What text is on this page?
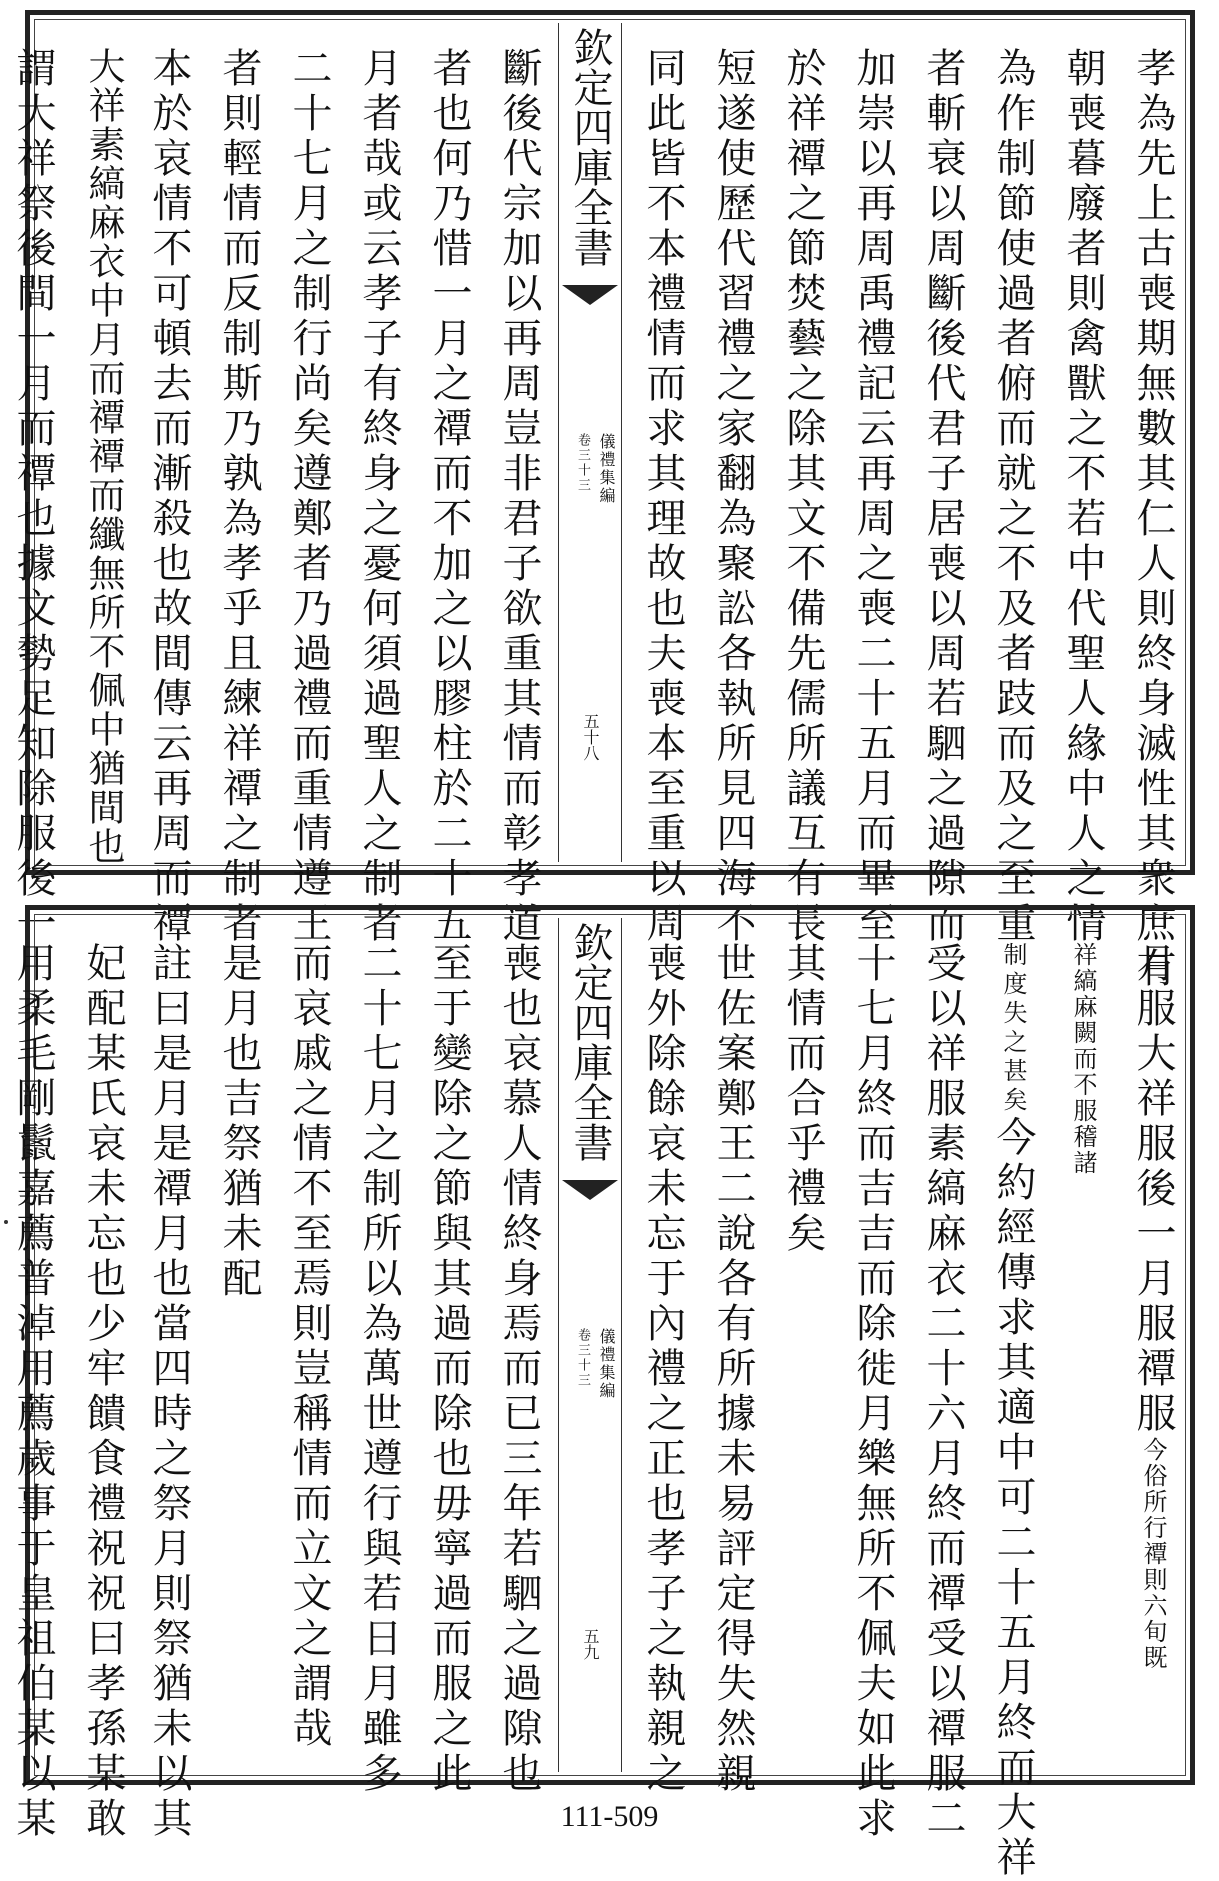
孝為先上古喪期無數其仁人則終身滅性其衆庶有
朝喪暮廢者則禽獸之不若中代聖人緣中人之情
為作制節使過者俯而就之不及者跂而及之至重
者斬衰以周斷後代君子居喪以周若駟之過隙而
加崇以再周禹禮記云再周之喪二十五月而畢至
於祥禫之節焚藝之除其文不備先儒所議互有長
短遂使歷代習禮之家翻為聚訟各執所見四海不
同此皆不本禮情而求其理故也夫喪本至重以周
欽定四庫全書
儀禮集編
卷三十三
五十八
斷後代宗加以再周豈非君子欲重其情而彰孝道
者也何乃惜一月之禫而不加之以膠柱於二十五
月者哉或云孝子有終身之憂何須過聖人之制者
二十七月之制行尚矣遵鄭者乃過禮而重情遵王
者則輕情而反制斯乃孰為孝乎且練祥禫之制者
本於哀情不可頓去而漸殺也故間傳云再周而禫
大祥素縞麻衣中月而禫禫而纖無所不佩中猶間也
謂大祥祭後間一月而禫也據文勢足知除服後一
月服大祥服後一月服禫服今俗所行禫則六旬既
祥縞麻闕而不服稽諸
制度失之甚矣今約經傳求其適中可二十五月終而大祥
受以祥服素縞麻衣二十六月終而禫受以禫服二
十七月終而吉吉而除徙月樂無所不佩夫如此求
其情而合乎禮矣
世佐案鄭王二說各有所據未易評定得失然親
喪外除餘哀未忘于內禮之正也孝子之執親之
欽定四庫全書
儀禮集編
卷三十三
五九
喪也哀慕人情終身焉而已三年若駟之過隙也
至于變除之節與其過而除也毋寧過而服之此
二十七月之制所以為萬世遵行與若日月雖多
而哀戚之情不至焉則豈稱情而立文之謂哉
是月也吉祭猶未配
註曰是月是禫月也當四時之祭月則祭猶未以其
妃配某氏哀未忘也少牢饋食禮祝祝曰孝孫某敢
用柔毛剛鬛嘉薦普淖用薦歲事于皇祖伯某以某	111-509
